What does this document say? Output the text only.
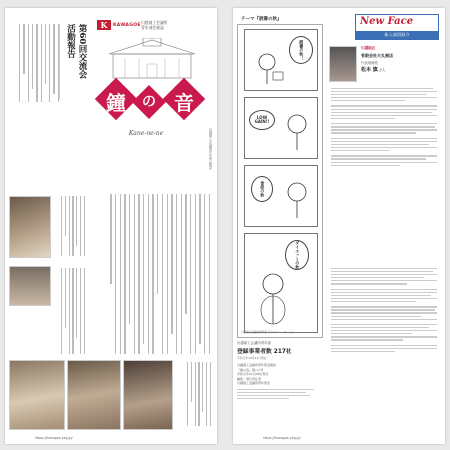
第60回交流会
活動報告	K	KAWAGOE 川越商工会議所
青年部会報誌
鐘	の 音
Kane-ne-ne	川越商工会議所青年部会報誌
https://kawagoe-yeg.jp/
テーマ『読書の秋』
読書の秋！
LOW GAIN!!
食欲の秋
ダイエットの秋
川越商工会議所青年部 イラストレーター ○○
New Face
新入部員紹介
川越地区
有限会社大丸商店
代表取締役
松本 旗 さん
川越商工会議所青年部
登録事業者数 217社
令和元年10月31日現在
川越商工会議所青年部会報誌
『鐘の音』第○○号
令和元年11月30日発行
編集・発行責任者
川越商工会議所青年部会
https://kawagoe-yeg.jp/
